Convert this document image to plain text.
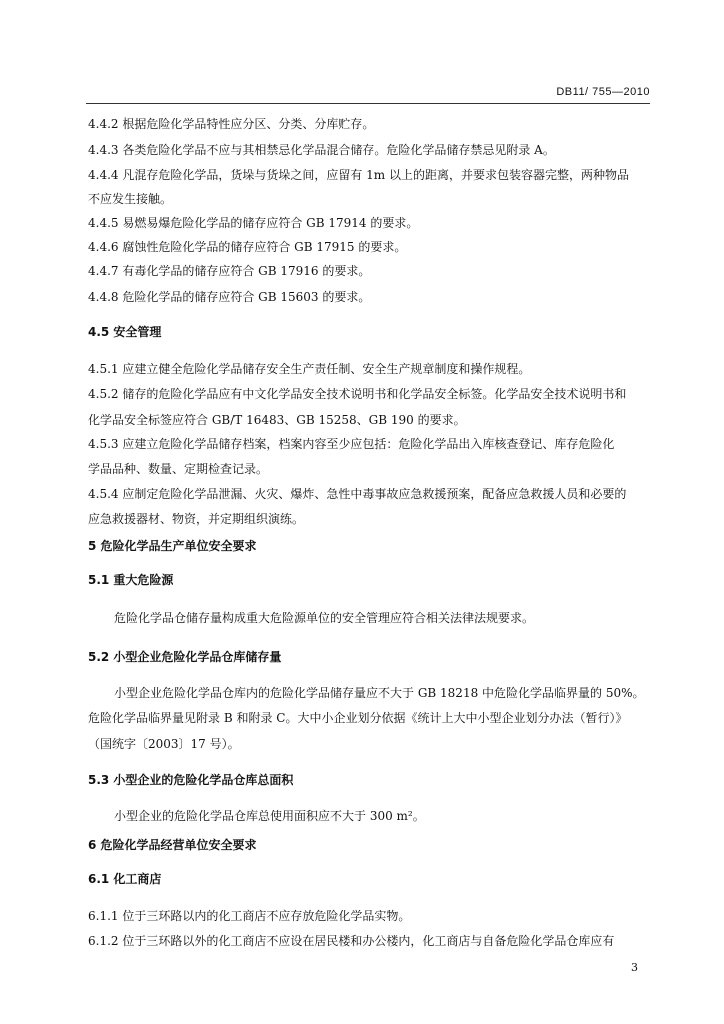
DB11/ 755—2010
4.4.2 根据危险化学品特性应分区、分类、分库贮存。
4.4.3 各类危险化学品不应与其相禁忌化学品混合储存。危险化学品储存禁忌见附录 A。
4.4.4 凡混存危险化学品，货垛与货垛之间，应留有 1m 以上的距离，并要求包装容器完整，两种物品
不应发生接触。
4.4.5 易燃易爆危险化学品的储存应符合 GB 17914 的要求。
4.4.6 腐蚀性危险化学品的储存应符合 GB 17915 的要求。
4.4.7 有毒化学品的储存应符合 GB 17916 的要求。
4.4.8 危险化学品的储存应符合 GB 15603 的要求。
4.5 安全管理
4.5.1 应建立健全危险化学品储存安全生产责任制、安全生产规章制度和操作规程。
4.5.2 储存的危险化学品应有中文化学品安全技术说明书和化学品安全标签。化学品安全技术说明书和
化学品安全标签应符合 GB/T 16483、GB 15258、GB 190 的要求。
4.5.3 应建立危险化学品储存档案，档案内容至少应包括：危险化学品出入库核查登记、库存危险化
学品品种、数量、定期检查记录。
4.5.4 应制定危险化学品泄漏、火灾、爆炸、急性中毒事故应急救援预案，配备应急救援人员和必要的
应急救援器材、物资，并定期组织演练。
5 危险化学品生产单位安全要求
5.1 重大危险源
危险化学品仓储存量构成重大危险源单位的安全管理应符合相关法律法规要求。
5.2 小型企业危险化学品仓库储存量
小型企业危险化学品仓库内的危险化学品储存量应不大于 GB 18218 中危险化学品临界量的 50%。
危险化学品临界量见附录 B 和附录 C。大中小企业划分依据《统计上大中小型企业划分办法（暂行）》
（国统字〔2003〕17 号）。
5.3 小型企业的危险化学品仓库总面积
小型企业的危险化学品仓库总使用面积应不大于 300 m²。
6 危险化学品经营单位安全要求
6.1 化工商店
6.1.1 位于三环路以内的化工商店不应存放危险化学品实物。
6.1.2 位于三环路以外的化工商店不应设在居民楼和办公楼内，化工商店与自备危险化学品仓库应有
3
